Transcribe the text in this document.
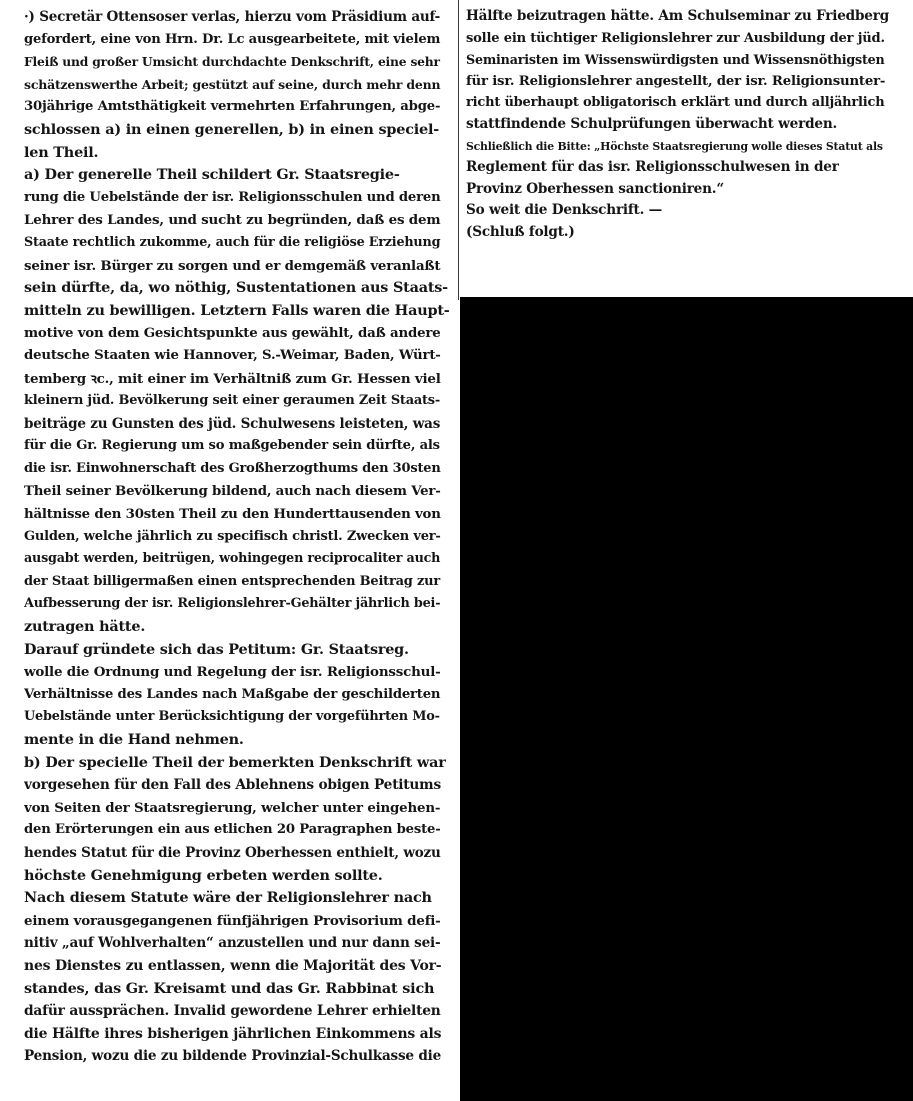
·) Secretär Ottensoser verlas, hierzu vom Präsidium auf-
gefordert, eine von Hrn. Dr. Lc ausgearbeitete, mit vielem
Fleiß und großer Umsicht durchdachte Denkschrift, eine sehr
schätzenswerthe Arbeit; gestützt auf seine, durch mehr denn
30jährige Amtsthätigkeit vermehrten Erfahrungen, abge-
schlossen a) in einen generellen, b) in einen speciel-
len Theil.
a) Der generelle Theil schildert Gr. Staatsregie-
rung die Uebelstände der isr. Religionsschulen und deren
Lehrer des Landes, und sucht zu begründen, daß es dem
Staate rechtlich zukomme, auch für die religiöse Erziehung
seiner isr. Bürger zu sorgen und er demgemäß veranlaßt
sein dürfte, da, wo nöthig, Sustentationen aus Staats-
mitteln zu bewilligen. Letztern Falls waren die Haupt-
motive von dem Gesichtspunkte aus gewählt, daß andere
deutsche Staaten wie Hannover, S.-Weimar, Baden, Würt-
temberg ꝛc., mit einer im Verhältniß zum Gr. Hessen viel
kleinern jüd. Bevölkerung seit einer geraumen Zeit Staats-
beiträge zu Gunsten des jüd. Schulwesens leisteten, was
für die Gr. Regierung um so maßgebender sein dürfte, als
die isr. Einwohnerschaft des Großherzogthums den 30sten
Theil seiner Bevölkerung bildend, auch nach diesem Ver-
hältnisse den 30sten Theil zu den Hunderttausenden von
Gulden, welche jährlich zu specifisch christl. Zwecken ver-
ausgabt werden, beitrügen, wohingegen reciprocaliter auch
der Staat billigermaßen einen entsprechenden Beitrag zur
Aufbesserung der isr. Religionslehrer-Gehälter jährlich bei-
zutragen hätte.
Darauf gründete sich das Petitum: Gr. Staatsreg.
wolle die Ordnung und Regelung der isr. Religionsschul-
Verhältnisse des Landes nach Maßgabe der geschilderten
Uebelstände unter Berücksichtigung der vorgeführten Mo-
mente in die Hand nehmen.
b) Der specielle Theil der bemerkten Denkschrift war
vorgesehen für den Fall des Ablehnens obigen Petitums
von Seiten der Staatsregierung, welcher unter eingehen-
den Erörterungen ein aus etlichen 20 Paragraphen beste-
hendes Statut für die Provinz Oberhessen enthielt, wozu
höchste Genehmigung erbeten werden sollte.
Nach diesem Statute wäre der Religionslehrer nach
einem vorausgegangenen fünfjährigen Provisorium defi-
nitiv „auf Wohlverhalten“ anzustellen und nur dann sei-
nes Dienstes zu entlassen, wenn die Majorität des Vor-
standes, das Gr. Kreisamt und das Gr. Rabbinat sich
dafür aussprächen. Invalid gewordene Lehrer erhielten
die Hälfte ihres bisherigen jährlichen Einkommens als
Pension, wozu die zu bildende Provinzial-Schulkasse die
Hälfte beizutragen hätte. Am Schulseminar zu Friedberg
solle ein tüchtiger Religionslehrer zur Ausbildung der jüd.
Seminaristen im Wissenswürdigsten und Wissensnöthigsten
für isr. Religionslehrer angestellt, der isr. Religionsunter-
richt überhaupt obligatorisch erklärt und durch alljährlich
stattfindende Schulprüfungen überwacht werden.
Schließlich die Bitte: „Höchste Staatsregierung wolle dieses Statut als
Reglement für das isr. Religionsschulwesen in der
Provinz Oberhessen sanctioniren.“
So weit die Denkschrift. —
(Schluß folgt.)
